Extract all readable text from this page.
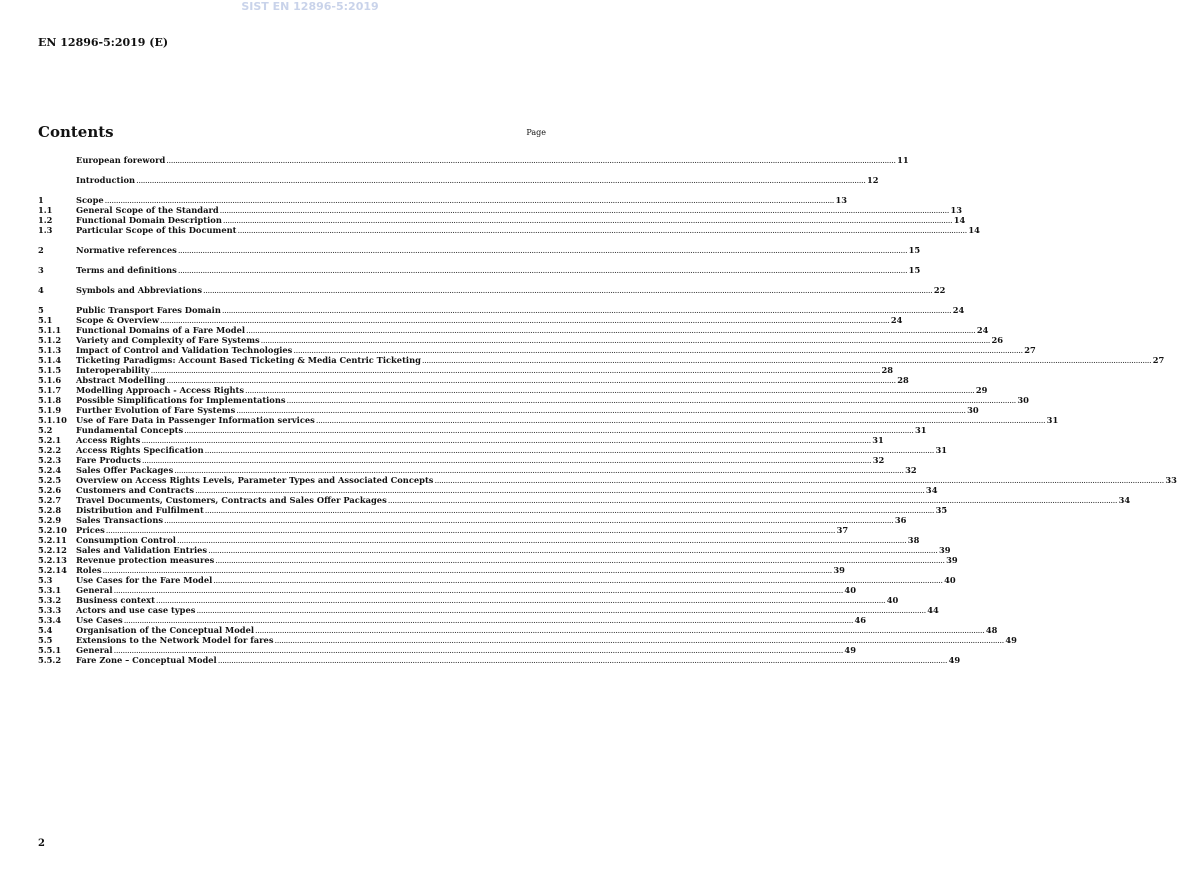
SIST EN 12896-5:2019
EN 12896-5:2019 (E)
Contents	Page
European foreword .....	11
Introduction .....	12
1	Scope .....	13
1.1	General Scope of the Standard .....	13
1.2	Functional Domain Description .....	14
1.3	Particular Scope of this Document .....	14
2	Normative references .....	15
3	Terms and definitions .....	15
4	Symbols and Abbreviations .....	22
5	Public Transport Fares Domain .....	24
5.1	Scope & Overview .....	24
5.1.1	Functional Domains of a Fare Model .....	24
5.1.2	Variety and Complexity of Fare Systems .....	26
5.1.3	Impact of Control and Validation Technologies .....	27
5.1.4	Ticketing Paradigms: Account Based Ticketing & Media Centric Ticketing .....	27
5.1.5	Interoperability .....	28
5.1.6	Abstract Modelling .....	28
5.1.7	Modelling Approach - Access Rights .....	29
5.1.8	Possible Simplifications for Implementations .....	30
5.1.9	Further Evolution of Fare Systems .....	30
5.1.10	Use of Fare Data in Passenger Information services .....	31
5.2	Fundamental Concepts .....	31
5.2.1	Access Rights .....	31
5.2.2	Access Rights Specification .....	31
5.2.3	Fare Products .....	32
5.2.4	Sales Offer Packages .....	32
5.2.5	Overview on Access Rights Levels, Parameter Types and Associated Concepts .....	33
5.2.6	Customers and Contracts .....	34
5.2.7	Travel Documents, Customers, Contracts and Sales Offer Packages .....	34
5.2.8	Distribution and Fulfilment .....	35
5.2.9	Sales Transactions .....	36
5.2.10	Prices .....	37
5.2.11	Consumption Control .....	38
5.2.12	Sales and Validation Entries .....	39
5.2.13	Revenue protection measures .....	39
5.2.14	Roles .....	39
5.3	Use Cases for the Fare Model .....	40
5.3.1	General .....	40
5.3.2	Business context .....	40
5.3.3	Actors and use case types .....	44
5.3.4	Use Cases .....	46
5.4	Organisation of the Conceptual Model .....	48
5.5	Extensions to the Network Model for fares .....	49
5.5.1	General .....	49
5.5.2	Fare Zone – Conceptual Model .....	49
2
